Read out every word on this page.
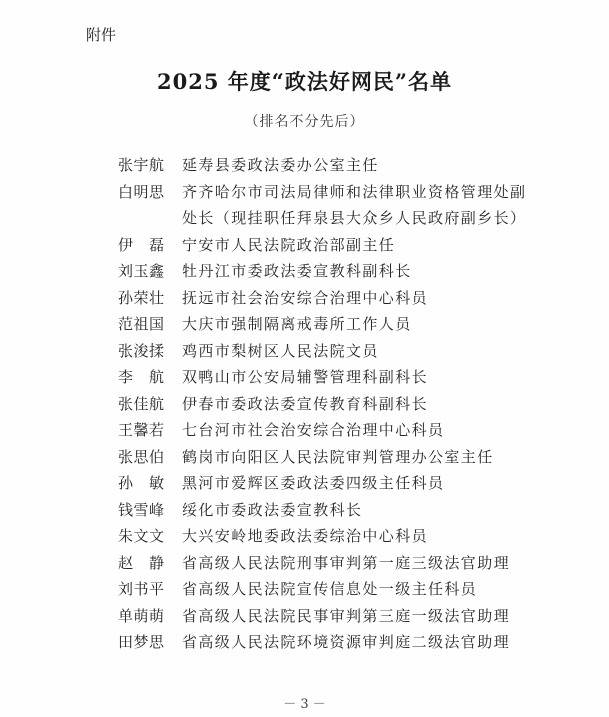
附件
2025 年度“政法好网民”名单
（排名不分先后）
张宇航	延寿县委政法委办公室主任
白明思	齐齐哈尔市司法局律师和法律职业资格管理处副
处长（现挂职任拜泉县大众乡人民政府副乡长）
伊　磊	宁安市人民法院政治部副主任
刘玉鑫	牡丹江市委政法委宣教科副科长
孙荣壮	抚远市社会治安综合治理中心科员
范祖国	大庆市强制隔离戒毒所工作人员
张浚揉	鸡西市梨树区人民法院文员
李　航	双鸭山市公安局辅警管理科副科长
张佳航	伊春市委政法委宣传教育科副科长
王馨若	七台河市社会治安综合治理中心科员
张思伯	鹤岗市向阳区人民法院审判管理办公室主任
孙　敏	黑河市爱辉区委政法委四级主任科员
钱雪峰	绥化市委政法委宣教科长
朱文文	大兴安岭地委政法委综治中心科员
赵　静	省高级人民法院刑事审判第一庭三级法官助理
刘书平	省高级人民法院宣传信息处一级主任科员
单萌萌	省高级人民法院民事审判第三庭一级法官助理
田梦思	省高级人民法院环境资源审判庭二级法官助理
－ 3 －
